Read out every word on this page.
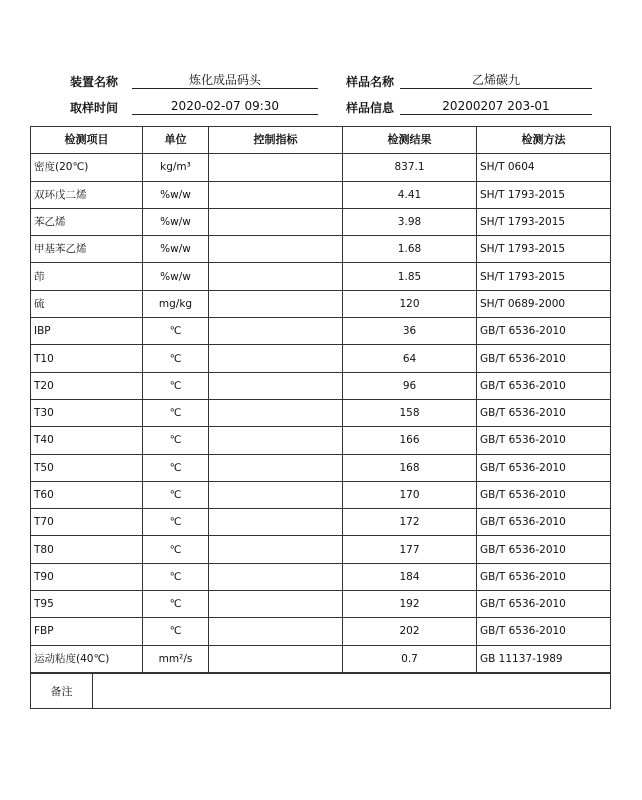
装置名称	炼化成品码头	样品名称	乙烯碳九
取样时间	2020-02-07 09:30	样品信息	20200207 203-01
检测项目	单位	控制指标	检测结果	检测方法
密度(20℃)	kg/m³		837.1	SH/T 0604
双环戊二烯	%w/w		4.41	SH/T 1793-2015
苯乙烯	%w/w		3.98	SH/T 1793-2015
甲基苯乙烯	%w/w		1.68	SH/T 1793-2015
茚	%w/w		1.85	SH/T 1793-2015
硫	mg/kg		120	SH/T 0689-2000
IBP	℃		36	GB/T 6536-2010
T10	℃		64	GB/T 6536-2010
T20	℃		96	GB/T 6536-2010
T30	℃		158	GB/T 6536-2010
T40	℃		166	GB/T 6536-2010
T50	℃		168	GB/T 6536-2010
T60	℃		170	GB/T 6536-2010
T70	℃		172	GB/T 6536-2010
T80	℃		177	GB/T 6536-2010
T90	℃		184	GB/T 6536-2010
T95	℃		192	GB/T 6536-2010
FBP	℃		202	GB/T 6536-2010
运动粘度(40℃)	mm²/s		0.7	GB 11137-1989
备注	
